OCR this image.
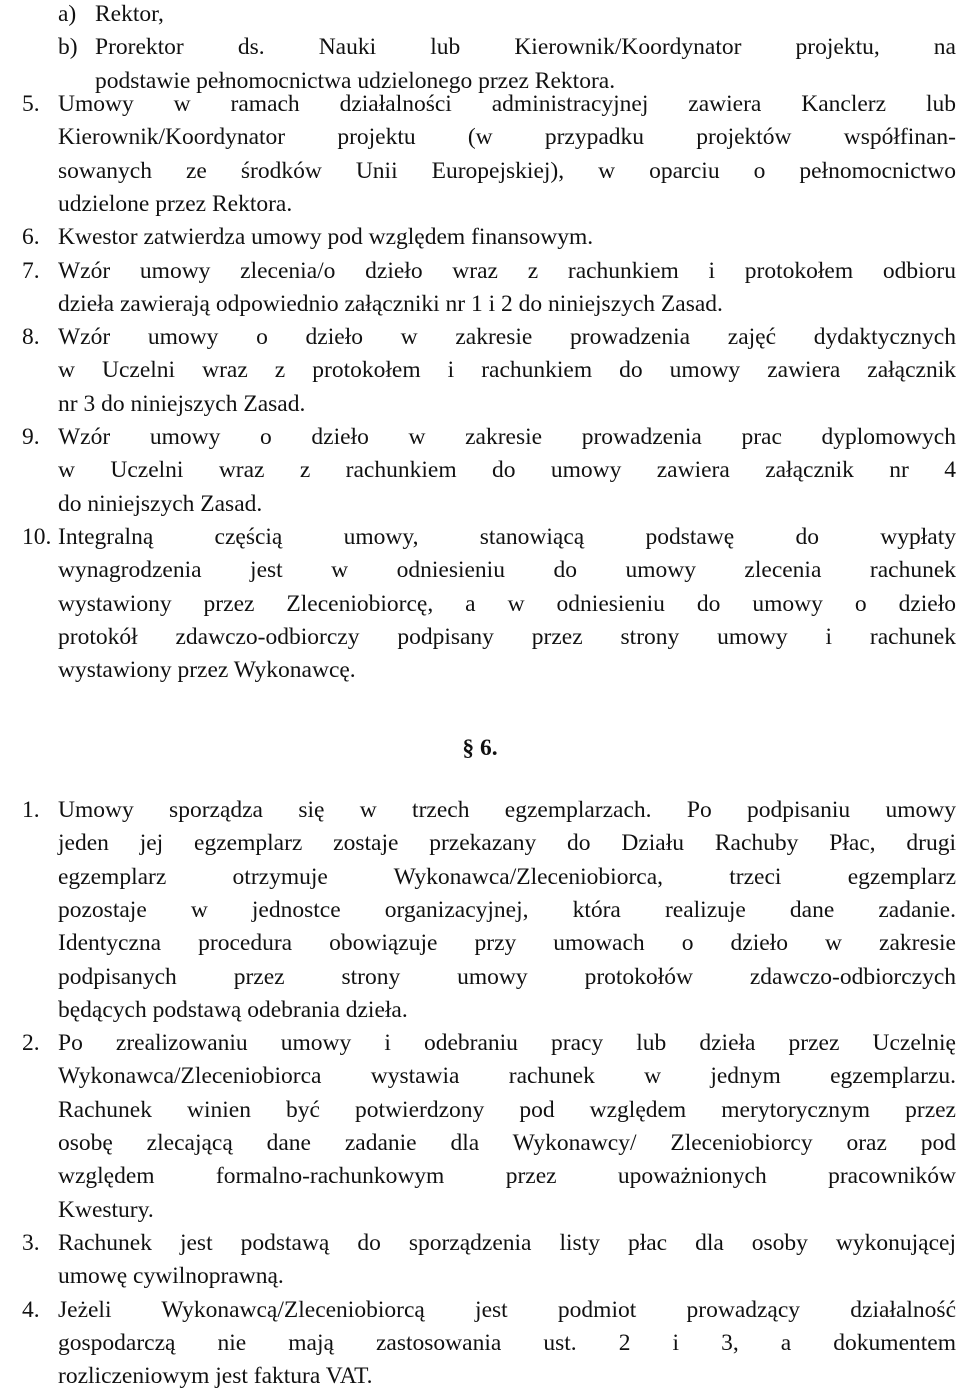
a) Rektor,
b) Prorektor ds. Nauki lub Kierownik/Koordynator projektu, na
podstawie pełnomocnictwa udzielonego przez Rektora.
5. Umowy w ramach działalności administracyjnej zawiera Kanclerz lub
Kierownik/Koordynator projektu (w przypadku projektów współfinan-
sowanych ze środków Unii Europejskiej), w oparciu o pełnomocnictwo
udzielone przez Rektora.
6. Kwestor zatwierdza umowy pod względem finansowym.
7. Wzór umowy zlecenia/o dzieło wraz z rachunkiem i protokołem odbioru
dzieła zawierają odpowiednio załączniki nr 1 i 2 do niniejszych Zasad.
8. Wzór umowy o dzieło w zakresie prowadzenia zajęć dydaktycznych
w Uczelni wraz z protokołem i rachunkiem do umowy zawiera załącznik
nr 3 do niniejszych Zasad.
9. Wzór umowy o dzieło w zakresie prowadzenia prac dyplomowych
w Uczelni wraz z rachunkiem do umowy zawiera załącznik nr 4
do niniejszych Zasad.
10. Integralną częścią umowy, stanowiącą podstawę do wypłaty
wynagrodzenia jest w odniesieniu do umowy zlecenia rachunek
wystawiony przez Zleceniobiorcę, a w odniesieniu do umowy o dzieło
protokół zdawczo-odbiorczy podpisany przez strony umowy i rachunek
wystawiony przez Wykonawcę.
§ 6.
1. Umowy sporządza się w trzech egzemplarzach. Po podpisaniu umowy
jeden jej egzemplarz zostaje przekazany do Działu Rachuby Płac, drugi
egzemplarz otrzymuje Wykonawca/Zleceniobiorca, trzeci egzemplarz
pozostaje w jednostce organizacyjnej, która realizuje dane zadanie.
Identyczna procedura obowiązuje przy umowach o dzieło w zakresie
podpisanych przez strony umowy protokołów zdawczo-odbiorczych
będących podstawą odebrania dzieła.
2. Po zrealizowaniu umowy i odebraniu pracy lub dzieła przez Uczelnię
Wykonawca/Zleceniobiorca wystawia rachunek w jednym egzemplarzu.
Rachunek winien być potwierdzony pod względem merytorycznym przez
osobę zlecającą dane zadanie dla Wykonawcy/ Zleceniobiorcy oraz pod
względem formalno-rachunkowym przez upoważnionych pracowników
Kwestury.
3. Rachunek jest podstawą do sporządzenia listy płac dla osoby wykonującej
umowę cywilnoprawną.
4. Jeżeli Wykonawcą/Zleceniobiorcą jest podmiot prowadzący działalność
gospodarczą nie mają zastosowania ust. 2 i 3, a dokumentem
rozliczeniowym jest faktura VAT.
